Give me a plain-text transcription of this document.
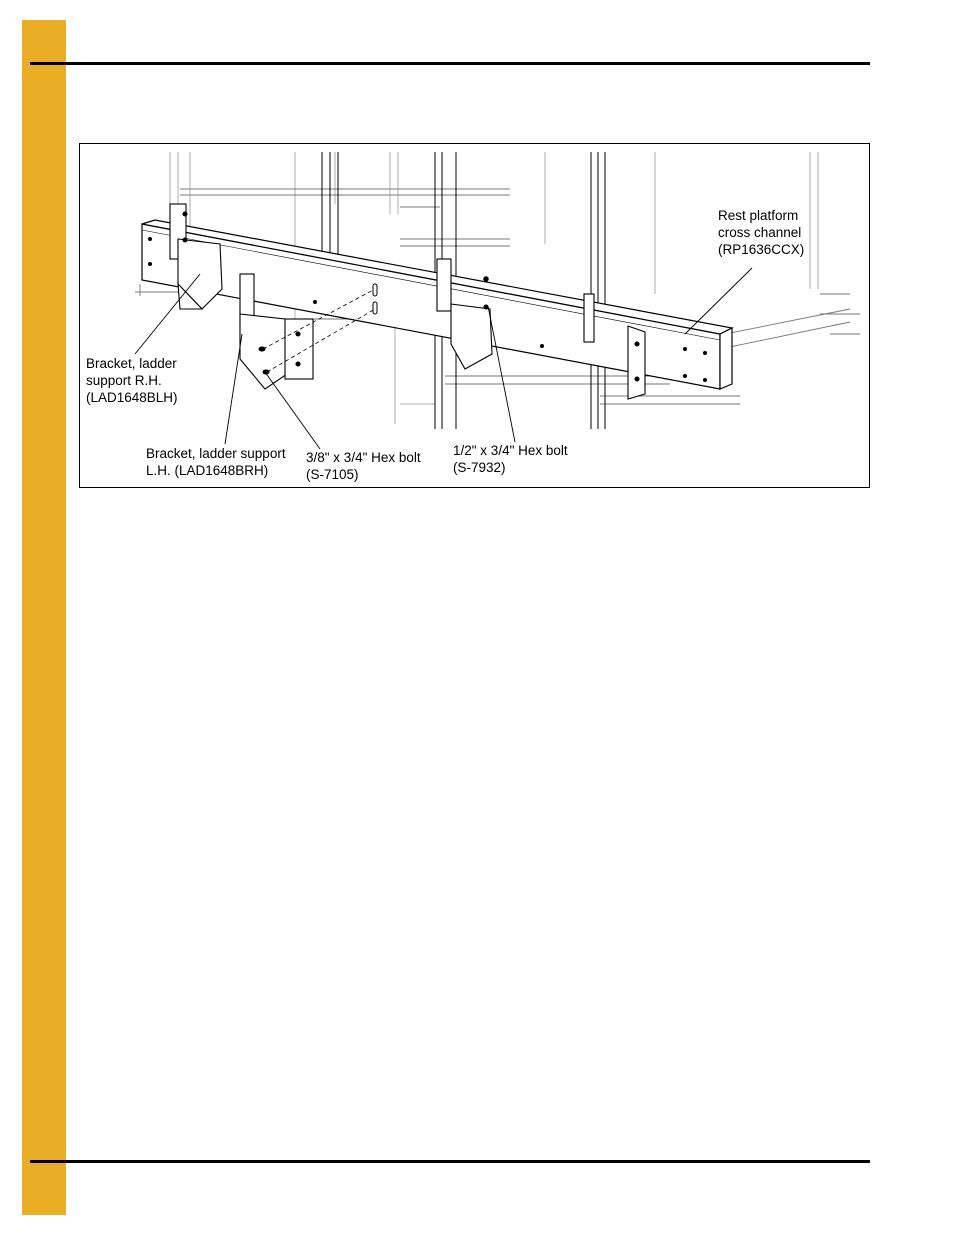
Rest platform
cross channel
(RP1636CCX)
Bracket, ladder
support R.H.
(LAD1648BLH)
Bracket, ladder support
L.H. (LAD1648BRH)
3/8" x 3/4" Hex bolt
(S-7105)
1/2" x 3/4" Hex bolt
(S-7932)
